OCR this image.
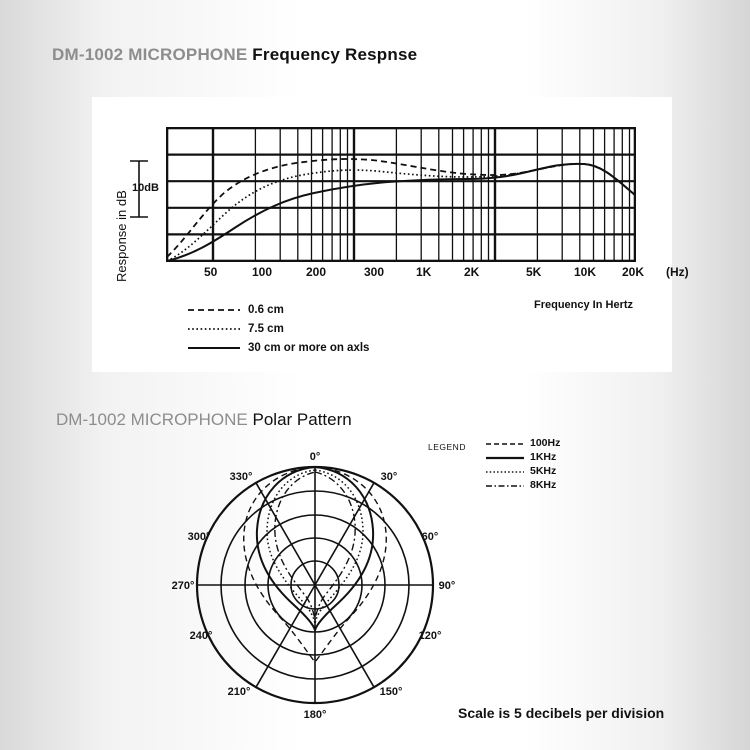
DM-1002 MICROPHONE Frequency Respnse
Response in dB
10dB
50	100	200	300	1K	2K	5K	10K 20K (Hz)
Frequency In Hertz
0.6 cm
7.5 cm
30 cm or more on axls
DM-1002 MICROPHONE Polar Pattern
0°
30°
60°
90°
120°
150°
180°
210°
240°
270°
300°
330°
LEGEND	100Hz
1KHz
5KHz
8KHz
Scale is 5 decibels per division
